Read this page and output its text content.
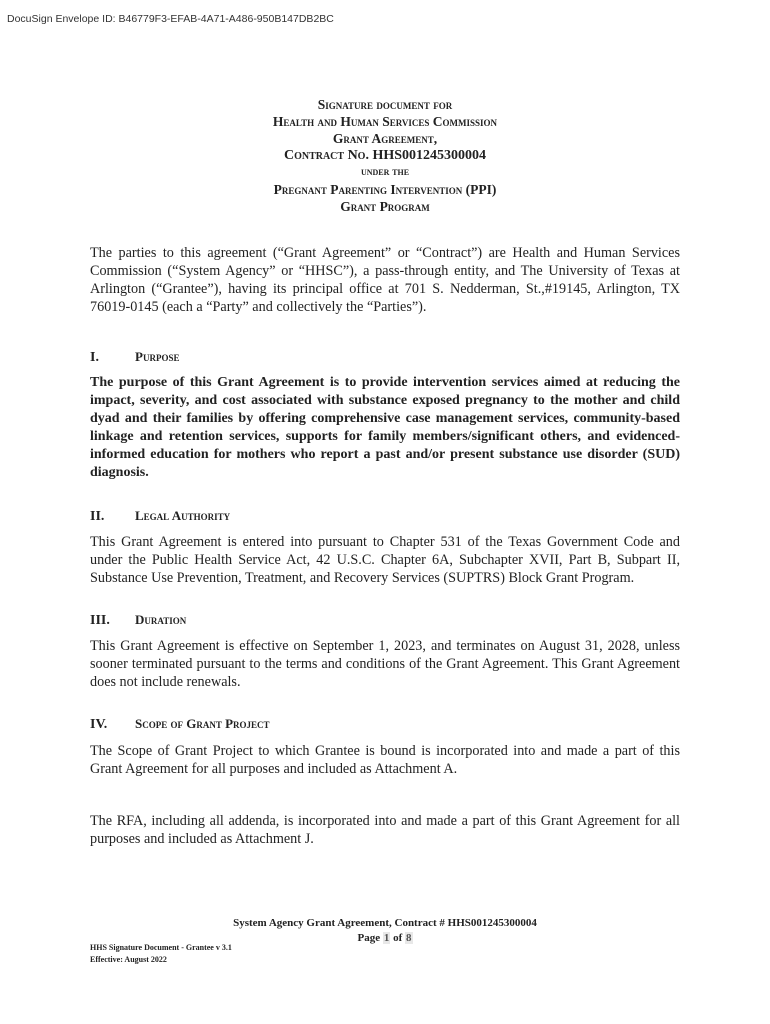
DocuSign Envelope ID: B46779F3-EFAB-4A71-A486-950B147DB2BC
Signature document for
Health and Human Services Commission
Grant Agreement,
Contract No. HHS001245300004
under the
Pregnant Parenting Intervention (PPI)
Grant Program
The parties to this agreement (“Grant Agreement” or “Contract”) are Health and Human Services Commission (“System Agency” or “HHSC”), a pass-through entity, and The University of Texas at Arlington (“Grantee”), having its principal office at 701 S. Nedderman, St.,#19145, Arlington, TX 76019-0145 (each a “Party” and collectively the “Parties”).
I.	Purpose
The purpose of this Grant Agreement is to provide intervention services aimed at reducing the impact, severity, and cost associated with substance exposed pregnancy to the mother and child dyad and their families by offering comprehensive case management services, community-based linkage and retention services, supports for family members/significant others, and evidenced-informed education for mothers who report a past and/or present substance use disorder (SUD) diagnosis.
II. Legal Authority
This Grant Agreement is entered into pursuant to Chapter 531 of the Texas Government Code and under the Public Health Service Act, 42 U.S.C. Chapter 6A, Subchapter XVII, Part B, Subpart II, Substance Use Prevention, Treatment, and Recovery Services (SUPTRS) Block Grant Program.
III. Duration
This Grant Agreement is effective on September 1, 2023, and terminates on August 31, 2028, unless sooner terminated pursuant to the terms and conditions of the Grant Agreement. This Grant Agreement does not include renewals.
IV. Scope of Grant Project
The Scope of Grant Project to which Grantee is bound is incorporated into and made a part of this Grant Agreement for all purposes and included as Attachment A.
The RFA, including all addenda, is incorporated into and made a part of this Grant Agreement for all purposes and included as Attachment J.
System Agency Grant Agreement, Contract # HHS001245300004
Page 1 of 8
HHS Signature Document - Grantee v 3.1
Effective: August 2022
